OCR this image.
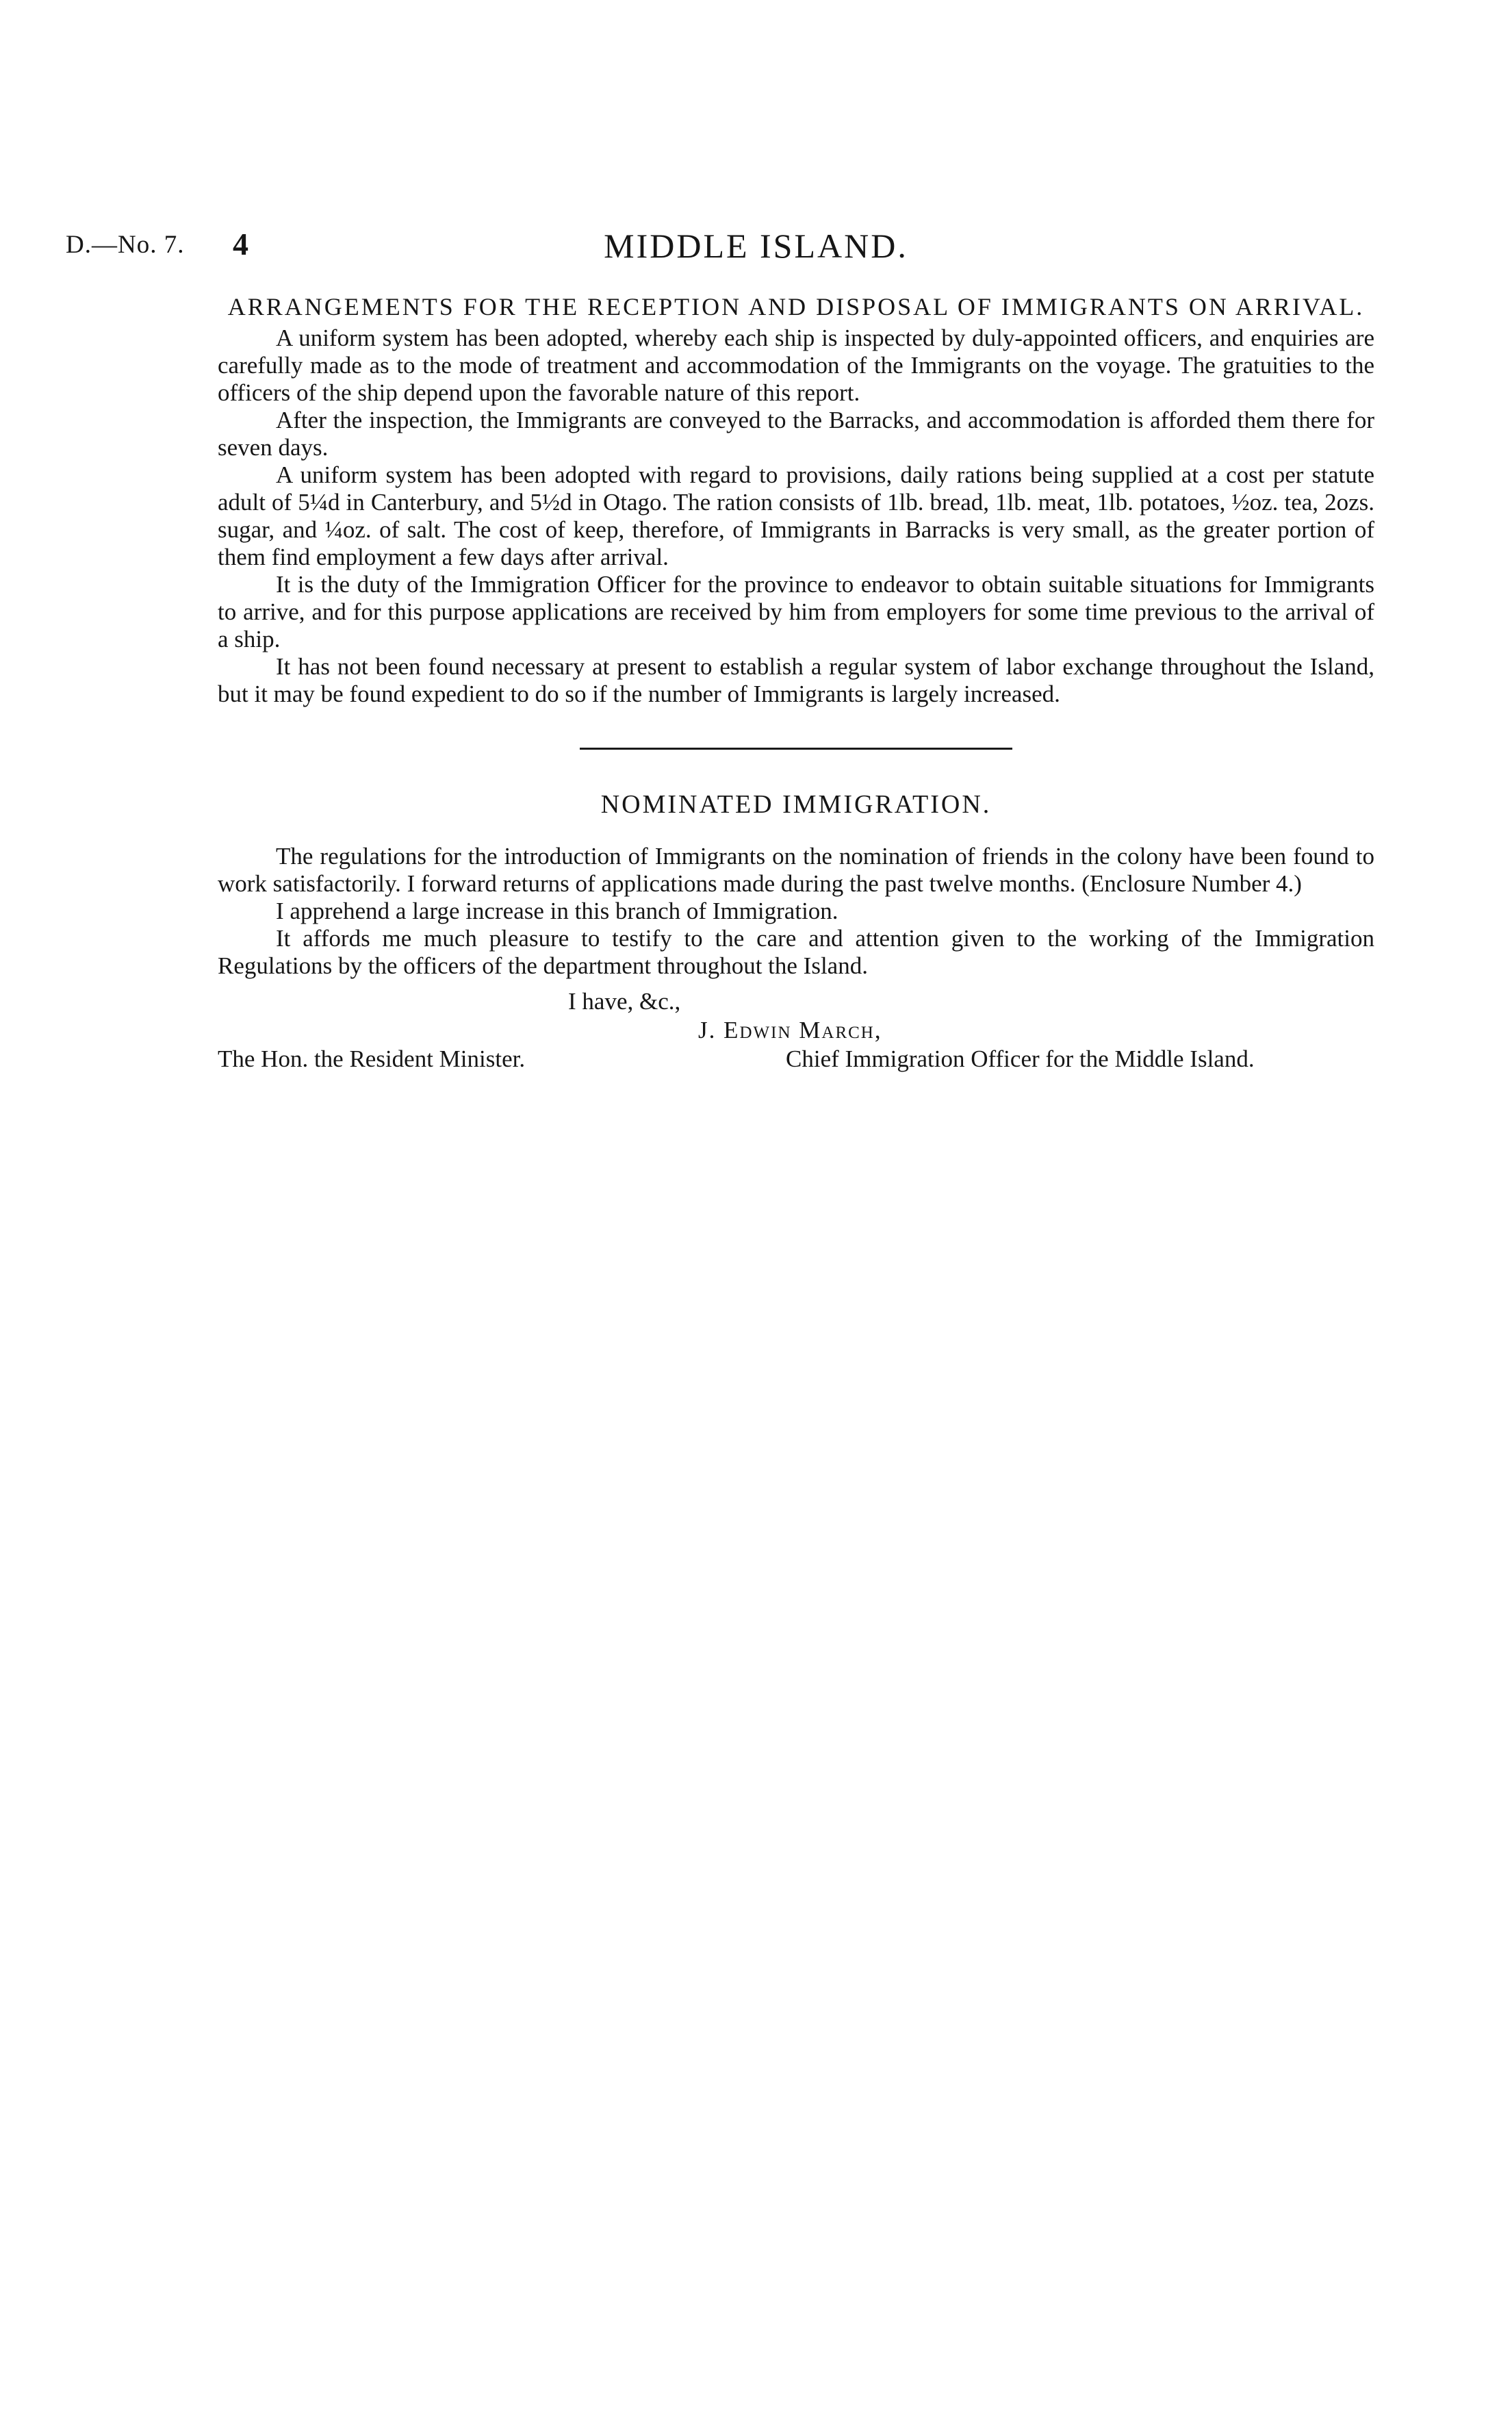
D.—No. 7. 4	MIDDLE ISLAND.
ARRANGEMENTS FOR THE RECEPTION AND DISPOSAL OF IMMIGRANTS ON ARRIVAL.

A uniform system has been adopted, whereby each ship is inspected by duly-appointed officers, and enquiries are carefully made as to the mode of treatment and accommodation of the Immigrants on the voyage. The gratuities to the officers of the ship depend upon the favorable nature of this report.

After the inspection, the Immigrants are conveyed to the Barracks, and accommodation is afforded them there for seven days.

A uniform system has been adopted with regard to provisions, daily rations being supplied at a cost per statute adult of 5¼d in Canterbury, and 5½d in Otago. The ration consists of 1lb. bread, 1lb. meat, 1lb. potatoes, ½oz. tea, 2ozs. sugar, and ¼oz. of salt. The cost of keep, therefore, of Immigrants in Barracks is very small, as the greater portion of them find employment a few days after arrival.

It is the duty of the Immigration Officer for the province to endeavor to obtain suitable situations for Immigrants to arrive, and for this purpose applications are received by him from employers for some time previous to the arrival of a ship.

It has not been found necessary at present to establish a regular system of labor exchange throughout the Island, but it may be found expedient to do so if the number of Immigrants is largely increased.

NOMINATED IMMIGRATION.

The regulations for the introduction of Immigrants on the nomination of friends in the colony have been found to work satisfactorily. I forward returns of applications made during the past twelve months. (Enclosure Number 4.)

I apprehend a large increase in this branch of Immigration.

It affords me much pleasure to testify to the care and attention given to the working of the Immigration Regulations by the officers of the department throughout the Island.

I have, &c.,
J. Edwin March,
The Hon. the Resident Minister.	Chief Immigration Officer for the Middle Island.
